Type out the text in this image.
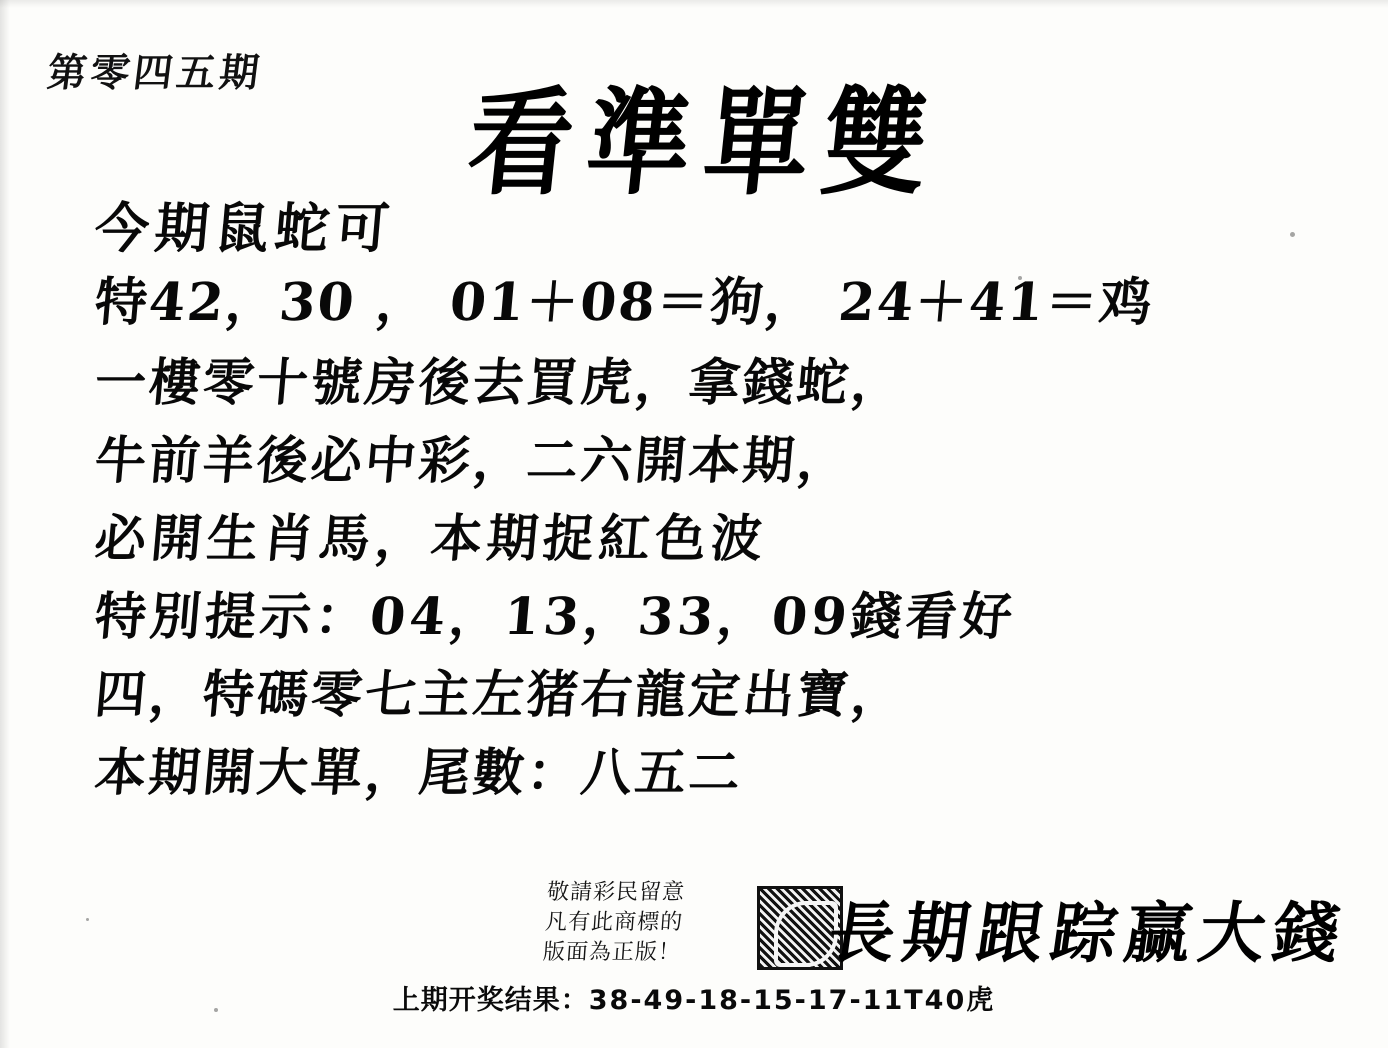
第零四五期
看準單雙
今期鼠蛇可
特42，30 ， 01＋08＝狗， 24＋41＝鸡
一樓零十號房後去買虎，拿錢蛇，
牛前羊後必中彩，二六開本期，
必開生肖馬，本期捉紅色波
特別提示：04，13，33，09錢看好
四，特碼零七主左猪右龍定出寶，
本期開大單，尾數：八五二
敬請彩民留意
凡有此商標的
版面為正版！ 長期跟踪赢大錢
上期开奖结果：38-49-18-15-17-11T40虎
